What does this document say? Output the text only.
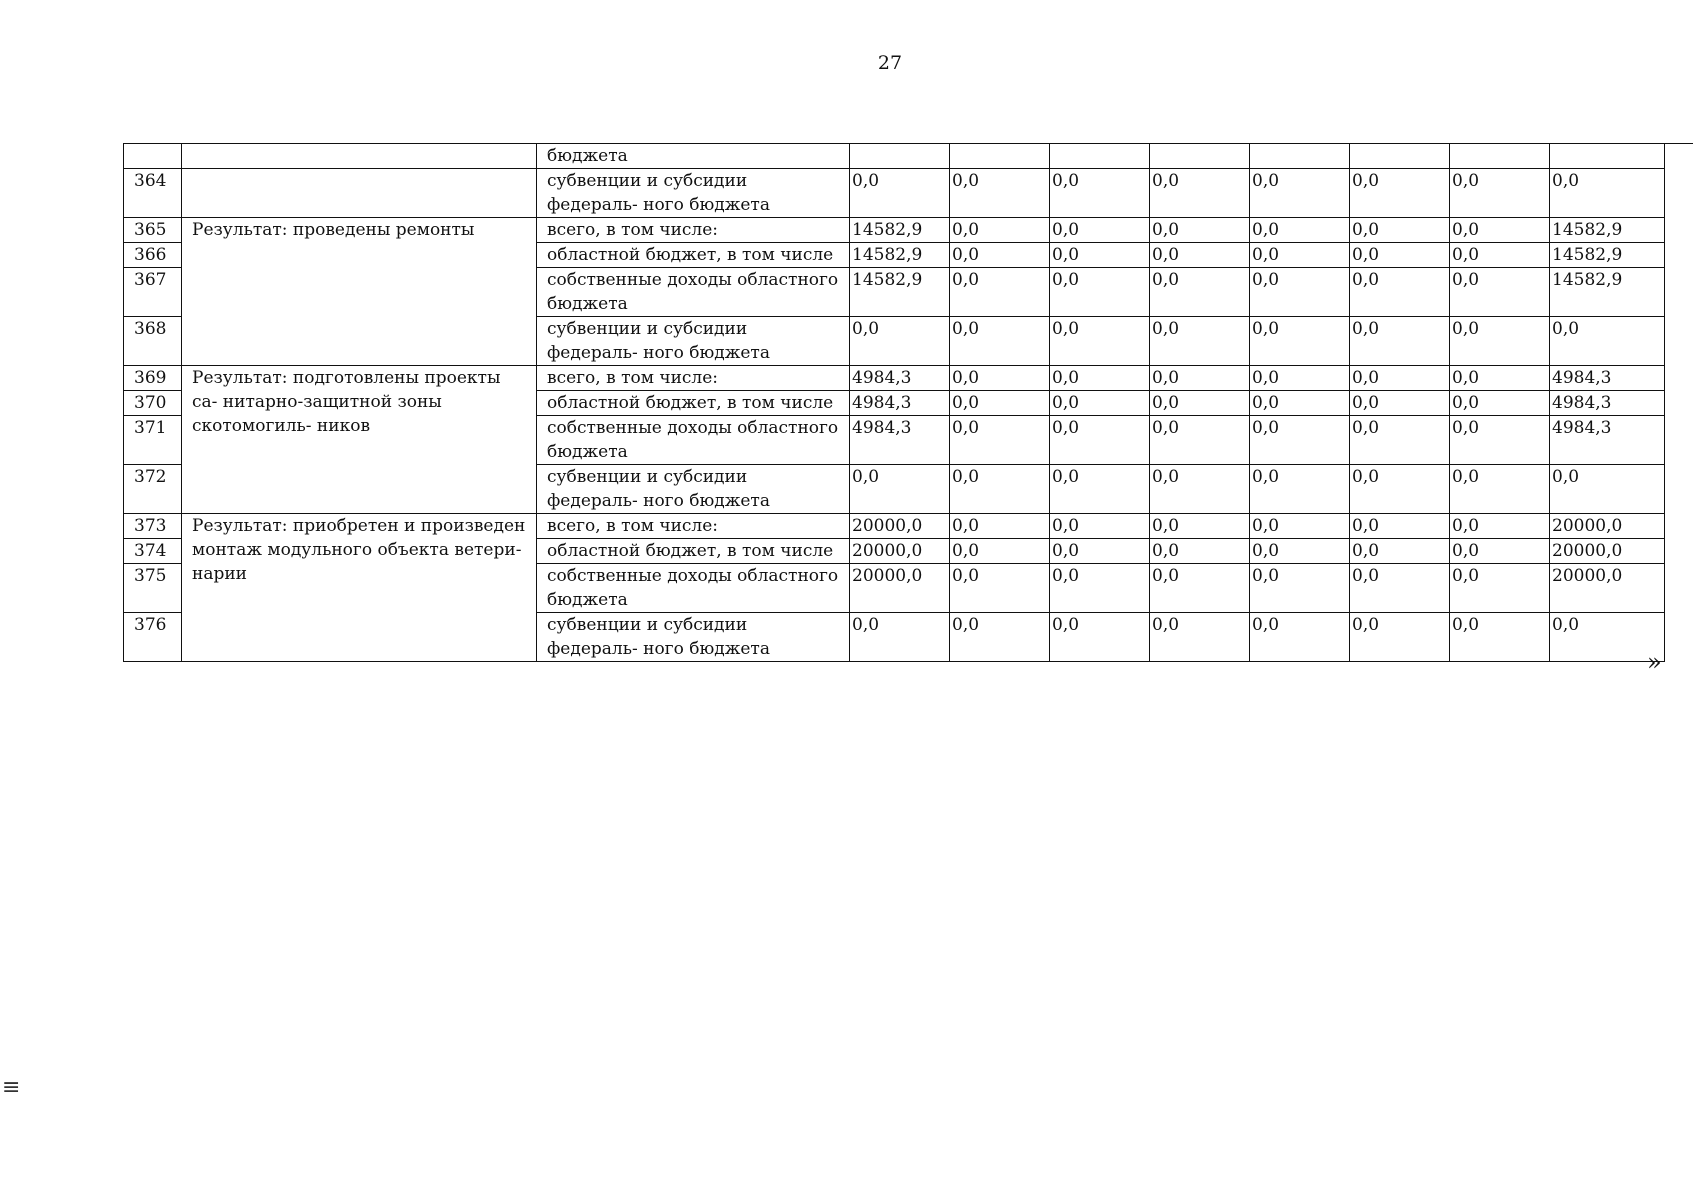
27
		бюджета								
364		субвенции и субсидии федераль- ного бюджета	0,0	0,0	0,0	0,0	0,0	0,0	0,0	0,0
365	Результат: проведены ремонты	всего, в том числе:	14582,9	0,0	0,0	0,0	0,0	0,0	0,0	14582,9
366		областной бюджет, в том числе	14582,9	0,0	0,0	0,0	0,0	0,0	0,0	14582,9
367		собственные доходы областного бюджета	14582,9	0,0	0,0	0,0	0,0	0,0	0,0	14582,9
368		субвенции и субсидии федераль- ного бюджета	0,0	0,0	0,0	0,0	0,0	0,0	0,0	0,0
369	Результат: подготовлены проекты са- нитарно-защитной зоны скотомогиль- ников	всего, в том числе:	4984,3	0,0	0,0	0,0	0,0	0,0	0,0	4984,3
370		областной бюджет, в том числе	4984,3	0,0	0,0	0,0	0,0	0,0	0,0	4984,3
371		собственные доходы областного бюджета	4984,3	0,0	0,0	0,0	0,0	0,0	0,0	4984,3
372		субвенции и субсидии федераль- ного бюджета	0,0	0,0	0,0	0,0	0,0	0,0	0,0	0,0
373	Результат: приобретен и произведен монтаж модульного объекта ветери- нарии	всего, в том числе:	20000,0	0,0	0,0	0,0	0,0	0,0	0,0	20000,0
374		областной бюджет, в том числе	20000,0	0,0	0,0	0,0	0,0	0,0	0,0	20000,0
375		собственные доходы областного бюджета	20000,0	0,0	0,0	0,0	0,0	0,0	0,0	20000,0
376		субвенции и субсидии федераль- ного бюджета	0,0	0,0	0,0	0,0	0,0	0,0	0,0	0,0
»
≡
